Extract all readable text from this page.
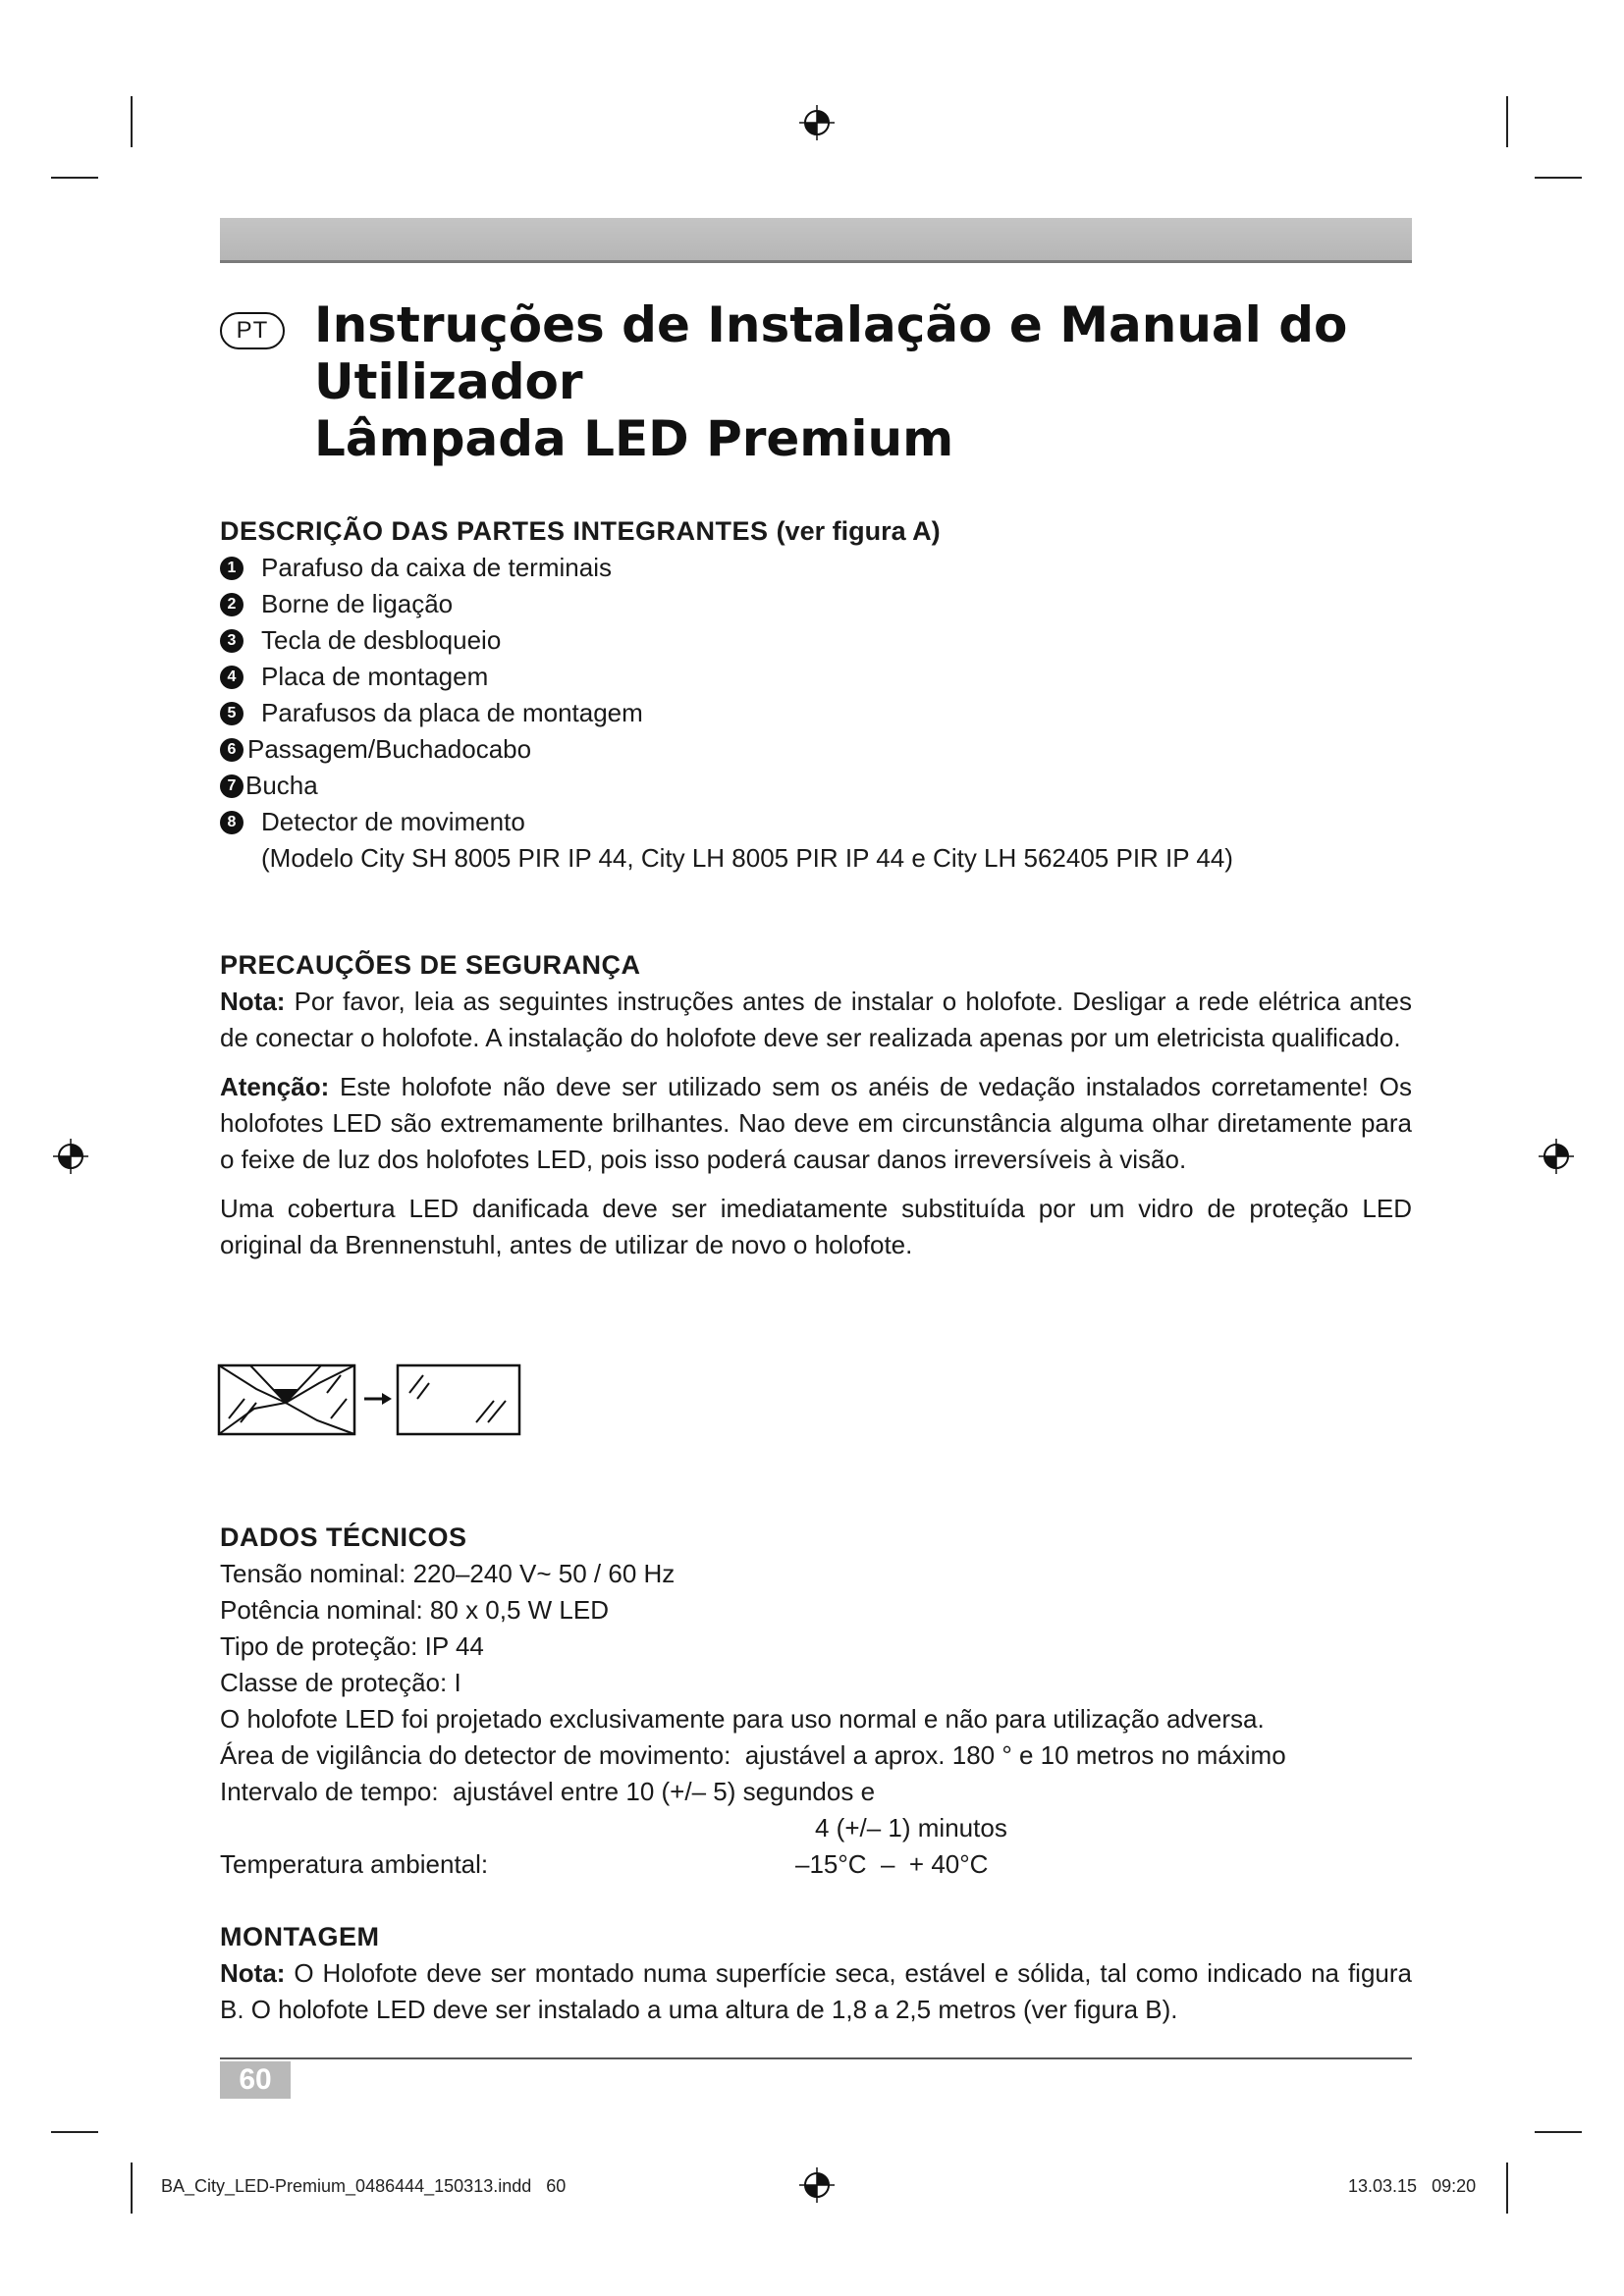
PT Instruções de Instalação e Manual do
Utilizador
Lâmpada LED Premium
DESCRIÇÃO DAS PARTES INTEGRANTES (ver figura A)
1 Parafuso da caixa de terminais
2 Borne de ligação
3 Tecla de desbloqueio
4 Placa de montagem
5 Parafusos da placa de montagem
6 Passagem/Buchadocabo
7 Bucha
8 Detector de movimento
(Modelo City SH 8005 PIR IP 44, City LH 8005 PIR IP 44 e City LH 562405 PIR IP 44)
PRECAUÇÕES DE SEGURANÇA
Nota: Por favor, leia as seguintes instruções antes de instalar o holofote. Desligar a rede elétrica antes de conectar o holofote. A instalação do holofote deve ser realizada apenas por um eletricista qualificado.
Atenção: Este holofote não deve ser utilizado sem os anéis de vedação instalados corretamente! Os holofotes LED são extremamente brilhantes. Nao deve em circunstância alguma olhar diretamente para o feixe de luz dos holofotes LED, pois isso poderá causar danos irreversíveis à visão.
Uma cobertura LED danificada deve ser imediatamente substituída por um vidro de proteção LED original da Brennenstuhl, antes de utilizar de novo o holofote.
DADOS TÉCNICOS
Tensão nominal: 220–240 V~ 50 / 60 Hz
Potência nominal: 80 x 0,5 W LED
Tipo de proteção: IP 44
Classe de proteção: I
O holofote LED foi projetado exclusivamente para uso normal e não para utilização adversa.
Área de vigilância do detector de movimento: ajustável a aprox. 180 ° e 10 metros no máximo
Intervalo de tempo: ajustável entre 10 (+/– 5) segundos e
4 (+/– 1) minutos
Temperatura ambiental:	–15°C  –  + 40°C
MONTAGEM
Nota: O Holofote deve ser montado numa superfície seca, estável e sólida, tal como indicado na figura B. O holofote LED deve ser instalado a uma altura de 1,8 a 2,5 metros (ver figura B).
60
BA_City_LED-Premium_0486444_150313.indd   60	13.03.15   09:20
